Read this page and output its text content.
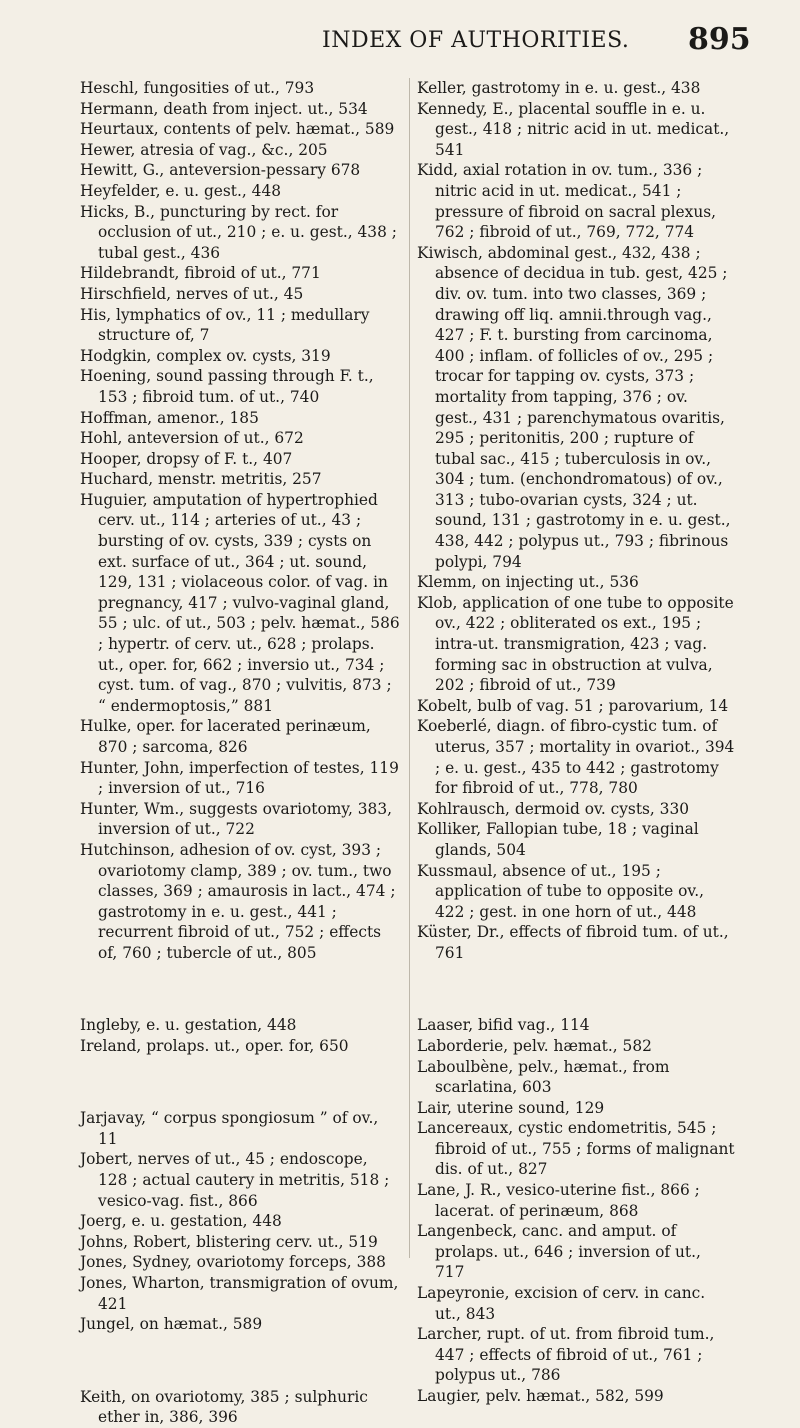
INDEX OF AUTHORITIES. 895

Heschl, fungosities of ut., 793

Hermann, death from inject. ut., 534

Heurtaux, contents of pelv. hæmat., 589

Hewer, atresia of vag., &c., 205

Hewitt, G., anteversion-pessary 678

Heyfelder, e. u. gest., 448

Hicks, B., puncturing by rect. for occlusion of ut., 210 ; e. u. gest., 438 ; tubal gest., 436

Hildebrandt, fibroid of ut., 771

Hirschfield, nerves of ut., 45

His, lymphatics of ov., 11 ; medullary structure of, 7

Hodgkin, complex ov. cysts, 319

Hoening, sound passing through F. t., 153 ; fibroid tum. of ut., 740

Hoffman, amenor., 185

Hohl, anteversion of ut., 672

Hooper, dropsy of F. t., 407

Huchard, menstr. metritis, 257

Huguier, amputation of hypertrophied cerv. ut., 114 ; arteries of ut., 43 ; bursting of ov. cysts, 339 ; cysts on ext. surface of ut., 364 ; ut. sound, 129, 131 ; violaceous color. of vag. in pregnancy, 417 ; vulvo-vaginal gland, 55 ; ulc. of ut., 503 ; pelv. hæmat., 586 ; hypertr. of cerv. ut., 628 ; prolaps. ut., oper. for, 662 ; inversio ut., 734 ; cyst. tum. of vag., 870 ; vulvitis, 873 ; “ endermoptosis,” 881

Hulke, oper. for lacerated perinæum, 870 ; sarcoma, 826

Hunter, John, imperfection of testes, 119 ; inversion of ut., 716

Hunter, Wm., suggests ovariotomy, 383, inversion of ut., 722

Hutchinson, adhesion of ov. cyst, 393 ; ovariotomy clamp, 389 ; ov. tum., two classes, 369 ; amaurosis in lact., 474 ; gastrotomy in e. u. gest., 441 ; recurrent fibroid of ut., 752 ; effects of, 760 ; tubercle of ut., 805

Ingleby, e. u. gestation, 448

Ireland, prolaps. ut., oper. for, 650

Jarjavay, “ corpus spongiosum ” of ov., 11

Jobert, nerves of ut., 45 ; endoscope, 128 ; actual cautery in metritis, 518 ; vesico-vag. fist., 866

Joerg, e. u. gestation, 448

Johns, Robert, blistering cerv. ut., 519

Jones, Sydney, ovariotomy forceps, 388

Jones, Wharton, transmigration of ovum, 421

Jungel, on hæmat., 589

Keith, on ovariotomy, 385 ; sulphuric ether in, 386, 396

Keller, gastrotomy in e. u. gest., 438

Kennedy, E., placental souffle in e. u. gest., 418 ; nitric acid in ut. medicat., 541

Kidd, axial rotation in ov. tum., 336 ; nitric acid in ut. medicat., 541 ; pressure of fibroid on sacral plexus, 762 ; fibroid of ut., 769, 772, 774

Kiwisch, abdominal gest., 432, 438 ; absence of decidua in tub. gest, 425 ; div. ov. tum. into two classes, 369 ; drawing off liq. amnii.through vag., 427 ; F. t. bursting from carcinoma, 400 ; inflam. of follicles of ov., 295 ; trocar for tapping ov. cysts, 373 ; mortality from tapping, 376 ; ov. gest., 431 ; parenchymatous ovaritis, 295 ; peritonitis, 200 ; rupture of tubal sac., 415 ; tuberculosis in ov., 304 ; tum. (enchondromatous) of ov., 313 ; tubo-ovarian cysts, 324 ; ut. sound, 131 ; gastrotomy in e. u. gest., 438, 442 ; polypus ut., 793 ; fibrinous polypi, 794

Klemm, on injecting ut., 536

Klob, application of one tube to opposite ov., 422 ; obliterated os ext., 195 ; intra-ut. transmigration, 423 ; vag. forming sac in obstruction at vulva, 202 ; fibroid of ut., 739

Kobelt, bulb of vag. 51 ; parovarium, 14

Koeberlé, diagn. of fibro-cystic tum. of uterus, 357 ; mortality in ovariot., 394 ; e. u. gest., 435 to 442 ; gastrotomy for fibroid of ut., 778, 780

Kohlrausch, dermoid ov. cysts, 330

Kolliker, Fallopian tube, 18 ; vaginal glands, 504

Kussmaul, absence of ut., 195 ; application of tube to opposite ov., 422 ; gest. in one horn of ut., 448

Küster, Dr., effects of fibroid tum. of ut., 761

Laaser, bifid vag., 114

Laborderie, pelv. hæmat., 582

Laboulbène, pelv., hæmat., from scarlatina, 603

Lair, uterine sound, 129

Lancereaux, cystic endometritis, 545 ; fibroid of ut., 755 ; forms of malignant dis. of ut., 827

Lane, J. R., vesico-uterine fist., 866 ; lacerat. of perinæum, 868

Langenbeck, canc. and amput. of prolaps. ut., 646 ; inversion of ut., 717

Lapeyronie, excision of cerv. in canc. ut., 843

Larcher, rupt. of ut. from fibroid tum., 447 ; effects of fibroid of ut., 761 ; polypus ut., 786

Laugier, pelv. hæmat., 582, 599
